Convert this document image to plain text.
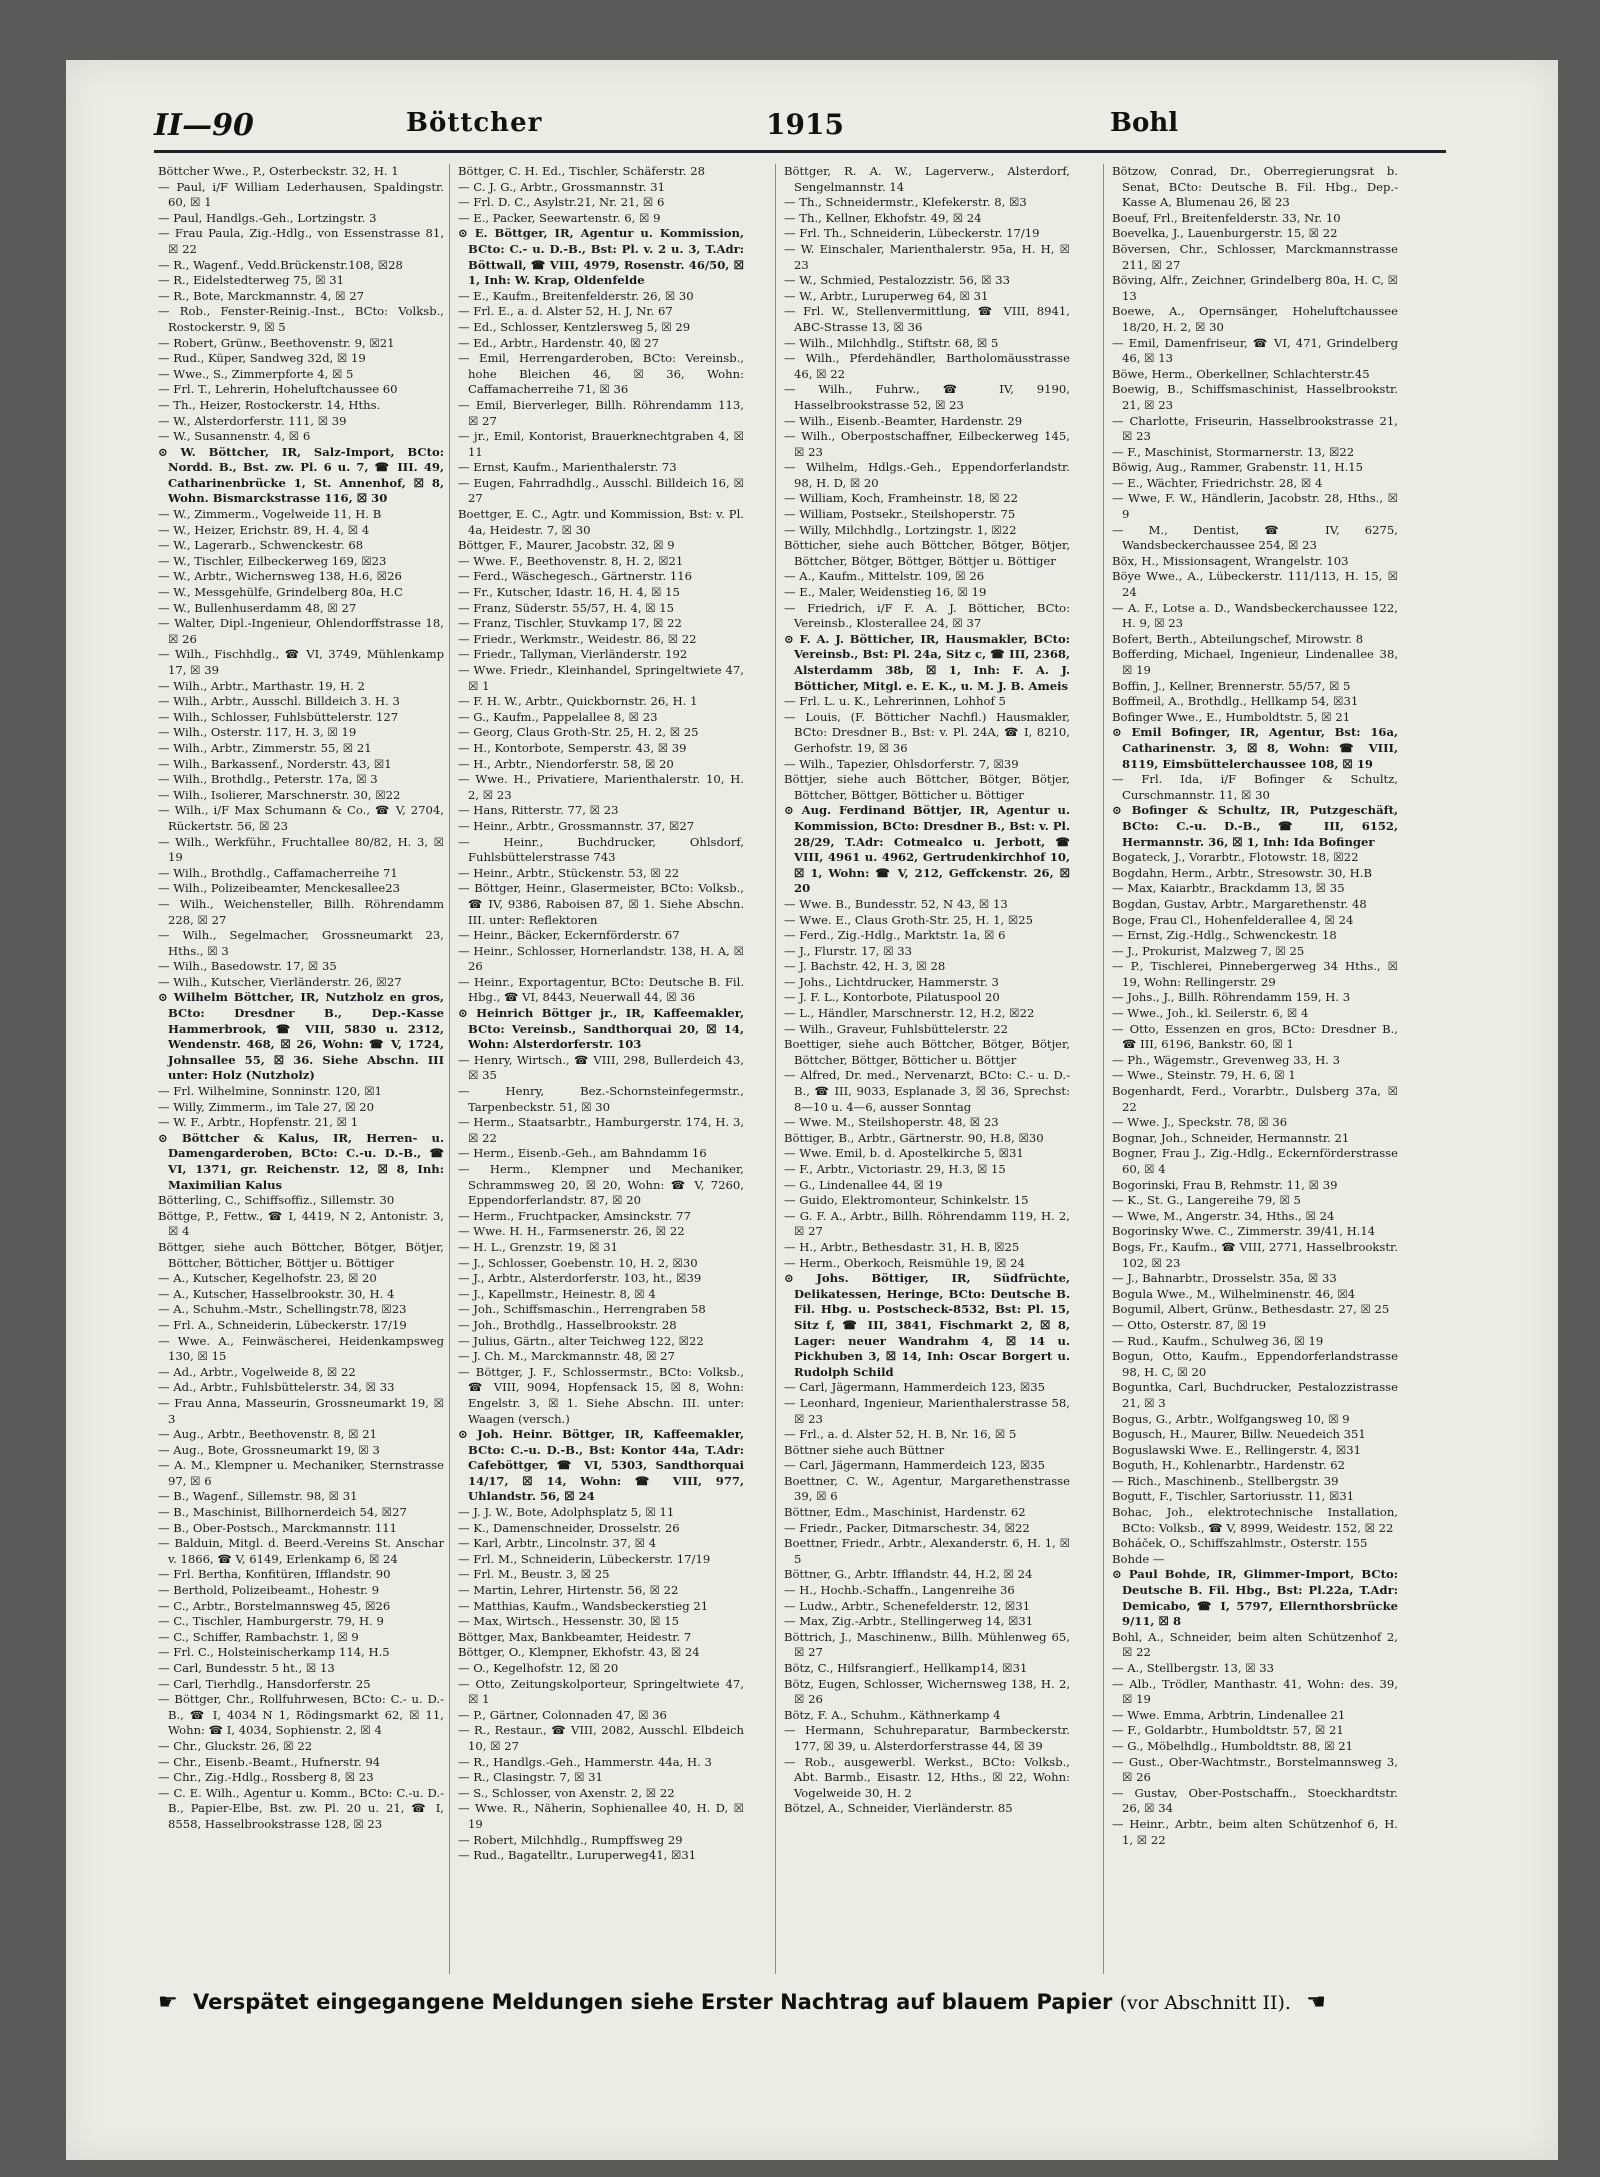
II—90	Böttcher	1915	Bohl

Böttcher Wwe., P., Osterbeckstr. 32, H. 1

— Paul, i/F William Lederhausen, Spaldingstr. 60, ☒ 1

— Paul, Handlgs.-Geh., Lortzingstr. 3

— Frau Paula, Zig.-Hdlg., von Essenstrasse 81, ☒ 22

— R., Wagenf., Vedd.Brückenstr.108, ☒28

— R., Eidelstedterweg 75, ☒ 31

— R., Bote, Marckmannstr. 4, ☒ 27

— Rob., Fenster-Reinig.-Inst., BCto: Volksb., Rostockerstr. 9, ☒ 5

— Robert, Grünw., Beethovenstr. 9, ☒21

— Rud., Küper, Sandweg 32d, ☒ 19

— Wwe., S., Zimmerpforte 4, ☒ 5

— Frl. T., Lehrerin, Hoheluftchaussee 60

— Th., Heizer, Rostockerstr. 14, Hths.

— W., Alsterdorferstr. 111, ☒ 39

— W., Susannenstr. 4, ☒ 6

⊙ W. Böttcher, IR, Salz-Import, BCto: Nordd. B., Bst. zw. Pl. 6 u. 7, ☎ III. 49, Catharinenbrücke 1, St. Annenhof, ☒ 8, Wohn. Bismarckstrasse 116, ☒ 30

— W., Zimmerm., Vogelweide 11, H. B

— W., Heizer, Erichstr. 89, H. 4, ☒ 4

— W., Lagerarb., Schwenckestr. 68

— W., Tischler, Eilbeckerweg 169, ☒23

— W., Arbtr., Wichernsweg 138, H.6, ☒26

— W., Messgehülfe, Grindelberg 80a, H.C

— W., Bullenhuserdamm 48, ☒ 27

— Walter, Dipl.-Ingenieur, Ohlendorffstrasse 18, ☒ 26

— Wilh., Fischhdlg., ☎ VI, 3749, Mühlenkamp 17, ☒ 39

— Wilh., Arbtr., Marthastr. 19, H. 2

— Wilh., Arbtr., Ausschl. Billdeich 3. H. 3

— Wilh., Schlosser, Fuhlsbüttelerstr. 127

— Wilh., Osterstr. 117, H. 3, ☒ 19

— Wilh., Arbtr., Zimmerstr. 55, ☒ 21

— Wilh., Barkassenf., Norderstr. 43, ☒1

— Wilh., Brothdlg., Peterstr. 17a, ☒ 3

— Wilh., Isolierer, Marschnerstr. 30, ☒22

— Wilh., i/F Max Schumann & Co., ☎ V, 2704, Rückertstr. 56, ☒ 23

— Wilh., Werkführ., Fruchtallee 80/82, H. 3, ☒ 19

— Wilh., Brothdlg., Caffamacherreihe 71

— Wilh., Polizeibeamter, Menckesallee23

— Wilh., Weichensteller, Billh. Röhrendamm 228, ☒ 27

— Wilh., Segelmacher, Grossneumarkt 23, Hths., ☒ 3

— Wilh., Basedowstr. 17, ☒ 35

— Wilh., Kutscher, Vierländerstr. 26, ☒27

⊙ Wilhelm Böttcher, IR, Nutzholz en gros, BCto: Dresdner B., Dep.-Kasse Hammerbrook, ☎ VIII, 5830 u. 2312, Wendenstr. 468, ☒ 26, Wohn: ☎ V, 1724, Johnsallee 55, ☒ 36. Siehe Abschn. III unter: Holz (Nutzholz)

— Frl. Wilhelmine, Sonninstr. 120, ☒1

— Willy, Zimmerm., im Tale 27, ☒ 20

— W. F., Arbtr., Hopfenstr. 21, ☒ 1

⊙ Böttcher & Kalus, IR, Herren- u. Damengarderoben, BCto: C.-u. D.-B., ☎ VI, 1371, gr. Reichenstr. 12, ☒ 8, Inh: Maximilian Kalus

Bötterling, C., Schiffsoffiz., Sillemstr. 30

Böttge, P., Fettw., ☎ I, 4419, N 2, Antonistr. 3, ☒ 4

Böttger, siehe auch Böttcher, Bötger, Bötjer, Böttcher, Bötticher, Böttjer u. Böttiger

— A., Kutscher, Kegelhofstr. 23, ☒ 20

— A., Kutscher, Hasselbrookstr. 30, H. 4

— A., Schuhm.-Mstr., Schellingstr.78, ☒23

— Frl. A., Schneiderin, Lübeckerstr. 17/19

— Wwe. A., Feinwäscherei, Heidenkampsweg 130, ☒ 15

— Ad., Arbtr., Vogelweide 8, ☒ 22

— Ad., Arbtr., Fuhlsbüttelerstr. 34, ☒ 33

— Frau Anna, Masseurin, Grossneumarkt 19, ☒ 3

— Aug., Arbtr., Beethovenstr. 8, ☒ 21

— Aug., Bote, Grossneumarkt 19, ☒ 3

— A. M., Klempner u. Mechaniker, Sternstrasse 97, ☒ 6

— B., Wagenf., Sillemstr. 98, ☒ 31

— B., Maschinist, Billhornerdeich 54, ☒27

— B., Ober-Postsch., Marckmannstr. 111

— Balduin, Mitgl. d. Beerd.-Vereins St. Anschar v. 1866, ☎ V, 6149, Erlenkamp 6, ☒ 24

— Frl. Bertha, Konfitüren, Ifflandstr. 90

— Berthold, Polizeibeamt., Hohestr. 9

— C., Arbtr., Borstelmannsweg 45, ☒26

— C., Tischler, Hamburgerstr. 79, H. 9

— C., Schiffer, Rambachstr. 1, ☒ 9

— Frl. C., Holsteinischerkamp 114, H.5

— Carl, Bundesstr. 5 ht., ☒ 13

— Carl, Tierhdlg., Hansdorferstr. 25

— Böttger, Chr., Rollfuhrwesen, BCto: C.- u. D.-B., ☎ I, 4034 N 1, Rödingsmarkt 62, ☒ 11, Wohn: ☎ I, 4034, Sophienstr. 2, ☒ 4

— Chr., Gluckstr. 26, ☒ 22

— Chr., Eisenb.-Beamt., Hufnerstr. 94

— Chr., Zig.-Hdlg., Rossberg 8, ☒ 23

— C. E. Wilh., Agentur u. Komm., BCto: C.-u. D.-B., Papier-Elbe, Bst. zw. Pl. 20 u. 21, ☎ I, 8558, Hasselbrookstrasse 128, ☒ 23

Böttger, C. H. Ed., Tischler, Schäferstr. 28

— C. J. G., Arbtr., Grossmannstr. 31

— Frl. D. C., Asylstr.21, Nr. 21, ☒ 6

— E., Packer, Seewartenstr. 6, ☒ 9

⊙ E. Böttger, IR, Agentur u. Kommission, BCto: C.- u. D.-B., Bst: Pl. v. 2 u. 3, T.Adr: Böttwall, ☎ VIII, 4979, Rosenstr. 46/50, ☒ 1, Inh: W. Krap, Oldenfelde

— E., Kaufm., Breitenfelderstr. 26, ☒ 30

— Frl. E., a. d. Alster 52, H. J, Nr. 67

— Ed., Schlosser, Kentzlersweg 5, ☒ 29

— Ed., Arbtr., Hardenstr. 40, ☒ 27

— Emil, Herrengarderoben, BCto: Vereinsb., hohe Bleichen 46, ☒ 36, Wohn: Caffamacherreihe 71, ☒ 36

— Emil, Bierverleger, Billh. Röhrendamm 113, ☒ 27

— jr., Emil, Kontorist, Brauerknechtgraben 4, ☒ 11

— Ernst, Kaufm., Marienthalerstr. 73

— Eugen, Fahrradhdlg., Ausschl. Billdeich 16, ☒ 27

Boettger, E. C., Agtr. und Kommission, Bst: v. Pl. 4a, Heidestr. 7, ☒ 30

Böttger, F., Maurer, Jacobstr. 32, ☒ 9

— Wwe. F., Beethovenstr. 8, H. 2, ☒21

— Ferd., Wäschegesch., Gärtnerstr. 116

— Fr., Kutscher, Idastr. 16, H. 4, ☒ 15

— Franz, Süderstr. 55/57, H. 4, ☒ 15

— Franz, Tischler, Stuvkamp 17, ☒ 22

— Friedr., Werkmstr., Weidestr. 86, ☒ 22

— Friedr., Tallyman, Vierländerstr. 192

— Wwe. Friedr., Kleinhandel, Springeltwiete 47, ☒ 1

— F. H. W., Arbtr., Quickbornstr. 26, H. 1

— G., Kaufm., Pappelallee 8, ☒ 23

— Georg, Claus Groth-Str. 25, H. 2, ☒ 25

— H., Kontorbote, Semperstr. 43, ☒ 39

— H., Arbtr., Niendorferstr. 58, ☒ 20

— Wwe. H., Privatiere, Marienthalerstr. 10, H. 2, ☒ 23

— Hans, Ritterstr. 77, ☒ 23

— Heinr., Arbtr., Grossmannstr. 37, ☒27

— Heinr., Buchdrucker, Ohlsdorf, Fuhlsbüttelerstrasse 743

— Heinr., Arbtr., Stückenstr. 53, ☒ 22

— Böttger, Heinr., Glasermeister, BCto: Volksb., ☎ IV, 9386, Raboisen 87, ☒ 1. Siehe Abschn. III. unter: Reflektoren

— Heinr., Bäcker, Eckernförderstr. 67

— Heinr., Schlosser, Hornerlandstr. 138, H. A, ☒ 26

— Heinr., Exportagentur, BCto: Deutsche B. Fil. Hbg., ☎ VI, 8443, Neuerwall 44, ☒ 36

⊙ Heinrich Böttger jr., IR, Kaffeemakler, BCto: Vereinsb., Sandthorquai 20, ☒ 14, Wohn: Alsterdorferstr. 103

— Henry, Wirtsch., ☎ VIII, 298, Bullerdeich 43, ☒ 35

— Henry, Bez.-Schornsteinfegermstr., Tarpenbeckstr. 51, ☒ 30

— Herm., Staatsarbtr., Hamburgerstr. 174, H. 3, ☒ 22

— Herm., Eisenb.-Geh., am Bahndamm 16

— Herm., Klempner und Mechaniker, Schrammsweg 20, ☒ 20, Wohn: ☎ V, 7260, Eppendorferlandstr. 87, ☒ 20

— Herm., Fruchtpacker, Amsinckstr. 77

— Wwe. H. H., Farmsenerstr. 26, ☒ 22

— H. L., Grenzstr. 19, ☒ 31

— J., Schlosser, Goebenstr. 10, H. 2, ☒30

— J., Arbtr., Alsterdorferstr. 103, ht., ☒39

— J., Kapellmstr., Heinestr. 8, ☒ 4

— Joh., Schiffsmaschin., Herrengraben 58

— Joh., Brothdlg., Hasselbrookstr. 28

— Julius, Gärtn., alter Teichweg 122, ☒22

— J. Ch. M., Marckmannstr. 48, ☒ 27

— Böttger, J. F., Schlossermstr., BCto: Volksb., ☎ VIII, 9094, Hopfensack 15, ☒ 8, Wohn: Engelstr. 3, ☒ 1. Siehe Abschn. III. unter: Waagen (versch.)

⊙ Joh. Heinr. Böttger, IR, Kaffeemakler, BCto: C.-u. D.-B., Bst: Kontor 44a, T.Adr: Cafeböttger, ☎ VI, 5303, Sandthorquai 14/17, ☒ 14, Wohn: ☎ VIII, 977, Uhlandstr. 56, ☒ 24

— J. J. W., Bote, Adolphsplatz 5, ☒ 11

— K., Damenschneider, Drosselstr. 26

— Karl, Arbtr., Lincolnstr. 37, ☒ 4

— Frl. M., Schneiderin, Lübeckerstr. 17/19

— Frl. M., Beustr. 3, ☒ 25

— Martin, Lehrer, Hirtenstr. 56, ☒ 22

— Matthias, Kaufm., Wandsbeckerstieg 21

— Max, Wirtsch., Hessenstr. 30, ☒ 15

Böttger, Max, Bankbeamter, Heidestr. 7

Böttger, O., Klempner, Ekhofstr. 43, ☒ 24

— O., Kegelhofstr. 12, ☒ 20

— Otto, Zeitungskolporteur, Springeltwiete 47, ☒ 1

— P., Gärtner, Colonnaden 47, ☒ 36

— R., Restaur., ☎ VIII, 2082, Ausschl. Elbdeich 10, ☒ 27

— R., Handlgs.-Geh., Hammerstr. 44a, H. 3

— R., Clasingstr. 7, ☒ 31

— S., Schlosser, von Axenstr. 2, ☒ 22

— Wwe. R., Näherin, Sophienallee 40, H. D, ☒ 19

— Robert, Milchhdlg., Rumpffsweg 29

— Rud., Bagatelltr., Luruperweg41, ☒31

Böttger, R. A. W., Lagerverw., Alsterdorf, Sengelmannstr. 14

— Th., Schneidermstr., Klefekerstr. 8, ☒3

— Th., Kellner, Ekhofstr. 49, ☒ 24

— Frl. Th., Schneiderin, Lübeckerstr. 17/19

— W. Einschaler, Marienthalerstr. 95a, H. H, ☒ 23

— W., Schmied, Pestalozzistr. 56, ☒ 33

— W., Arbtr., Luruperweg 64, ☒ 31

— Frl. W., Stellenvermittlung, ☎ VIII, 8941, ABC-Strasse 13, ☒ 36

— Wilh., Milchhdlg., Stiftstr. 68, ☒ 5

— Wilh., Pferdehändler, Bartholomäusstrasse 46, ☒ 22

— Wilh., Fuhrw., ☎ IV, 9190, Hasselbrookstrasse 52, ☒ 23

— Wilh., Eisenb.-Beamter, Hardenstr. 29

— Wilh., Oberpostschaffner, Eilbeckerweg 145, ☒ 23

— Wilhelm, Hdlgs.-Geh., Eppendorferlandstr. 98, H. D, ☒ 20

— William, Koch, Framheinstr. 18, ☒ 22

— William, Postsekr., Steilshoperstr. 75

— Willy, Milchhdlg., Lortzingstr. 1, ☒22

Bötticher, siehe auch Böttcher, Bötger, Bötjer, Böttcher, Bötger, Böttger, Böttjer u. Böttiger

— A., Kaufm., Mittelstr. 109, ☒ 26

— E., Maler, Weidenstieg 16, ☒ 19

— Friedrich, i/F F. A. J. Bötticher, BCto: Vereinsb., Klosterallee 24, ☒ 37

⊙ F. A. J. Bötticher, IR, Hausmakler, BCto: Vereinsb., Bst: Pl. 24a, Sitz c, ☎ III, 2368, Alsterdamm 38b, ☒ 1, Inh: F. A. J. Bötticher, Mitgl. e. E. K., u. M. J. B. Ameis

— Frl. L. u. K., Lehrerinnen, Lohhof 5

— Louis, (F. Bötticher Nachfl.) Hausmakler, BCto: Dresdner B., Bst: v. Pl. 24A, ☎ I, 8210, Gerhofstr. 19, ☒ 36

— Wilh., Tapezier, Ohlsdorferstr. 7, ☒39

Böttjer, siehe auch Böttcher, Bötger, Bötjer, Böttcher, Böttger, Bötticher u. Böttiger

⊙ Aug. Ferdinand Böttjer, IR, Agentur u. Kommission, BCto: Dresdner B., Bst: v. Pl. 28/29, T.Adr: Cotmealco u. Jerbott, ☎ VIII, 4961 u. 4962, Gertrudenkirchhof 10, ☒ 1, Wohn: ☎ V, 212, Geffckenstr. 26, ☒ 20

— Wwe. B., Bundesstr. 52, N 43, ☒ 13

— Wwe. E., Claus Groth-Str. 25, H. 1, ☒25

— Ferd., Zig.-Hdlg., Marktstr. 1a, ☒ 6

— J., Flurstr. 17, ☒ 33

— J. Bachstr. 42, H. 3, ☒ 28

— Johs., Lichtdrucker, Hammerstr. 3

— J. F. L., Kontorbote, Pilatuspool 20

— L., Händler, Marschnerstr. 12, H.2, ☒22

— Wilh., Graveur, Fuhlsbüttelerstr. 22

Boettiger, siehe auch Böttcher, Bötger, Bötjer, Böttcher, Böttger, Bötticher u. Böttjer

— Alfred, Dr. med., Nervenarzt, BCto: C.- u. D.-B., ☎ III, 9033, Esplanade 3, ☒ 36, Sprechst: 8—10 u. 4—6, ausser Sonntag

— Wwe. M., Steilshoperstr. 48, ☒ 23

Böttiger, B., Arbtr., Gärtnerstr. 90, H.8, ☒30

— Wwe. Emil, b. d. Apostelkirche 5, ☒31

— F., Arbtr., Victoriastr. 29, H.3, ☒ 15

— G., Lindenallee 44, ☒ 19

— Guido, Elektromonteur, Schinkelstr. 15

— G. F. A., Arbtr., Billh. Röhrendamm 119, H. 2, ☒ 27

— H., Arbtr., Bethesdastr. 31, H. B, ☒25

— Herm., Oberkoch, Reismühle 19, ☒ 24

⊙ Johs. Böttiger, IR, Südfrüchte, Delikatessen, Heringe, BCto: Deutsche B. Fil. Hbg. u. Postscheck-8532, Bst: Pl. 15, Sitz f, ☎ III, 3841, Fischmarkt 2, ☒ 8, Lager: neuer Wandrahm 4, ☒ 14 u. Pickhuben 3, ☒ 14, Inh: Oscar Borgert u. Rudolph Schild

— Carl, Jägermann, Hammerdeich 123, ☒35

— Leonhard, Ingenieur, Marienthalerstrasse 58, ☒ 23

— Frl., a. d. Alster 52, H. B, Nr. 16, ☒ 5

Böttner siehe auch Büttner

— Carl, Jägermann, Hammerdeich 123, ☒35

Boettner, C. W., Agentur, Margarethenstrasse 39, ☒ 6

Böttner, Edm., Maschinist, Hardenstr. 62

— Friedr., Packer, Ditmarschestr. 34, ☒22

Boettner, Friedr., Arbtr., Alexanderstr. 6, H. 1, ☒ 5

Böttner, G., Arbtr. Ifflandstr. 44, H.2, ☒ 24

— H., Hochb.-Schaffn., Langenreihe 36

— Ludw., Arbtr., Schenefelderstr. 12, ☒31

— Max, Zig.-Arbtr., Stellingerweg 14, ☒31

Böttrich, J., Maschinenw., Billh. Mühlenweg 65, ☒ 27

Bötz, C., Hilfsrangierf., Hellkamp14, ☒31

Bötz, Eugen, Schlosser, Wichernsweg 138, H. 2, ☒ 26

Bötz, F. A., Schuhm., Käthnerkamp 4

— Hermann, Schuhreparatur, Barmbeckerstr. 177, ☒ 39, u. Alsterdorferstrasse 44, ☒ 39

— Rob., ausgewerbl. Werkst., BCto: Volksb., Abt. Barmb., Eisastr. 12, Hths., ☒ 22, Wohn: Vogelweide 30, H. 2

Bötzel, A., Schneider, Vierländerstr. 85

Bötzow, Conrad, Dr., Oberregierungsrat b. Senat, BCto: Deutsche B. Fil. Hbg., Dep.-Kasse A, Blumenau 26, ☒ 23

Boeuf, Frl., Breitenfelderstr. 33, Nr. 10

Boevelka, J., Lauenburgerstr. 15, ☒ 22

Böversen, Chr., Schlosser, Marckmannstrasse 211, ☒ 27

Böving, Alfr., Zeichner, Grindelberg 80a, H. C, ☒ 13

Boewe, A., Opernsänger, Hoheluftchaussee 18/20, H. 2, ☒ 30

— Emil, Damenfriseur, ☎ VI, 471, Grindelberg 46, ☒ 13

Böwe, Herm., Oberkellner, Schlachterstr.45

Boewig, B., Schiffsmaschinist, Hasselbrookstr. 21, ☒ 23

— Charlotte, Friseurin, Hasselbrookstrasse 21, ☒ 23

— F., Maschinist, Stormarnerstr. 13, ☒22

Böwig, Aug., Rammer, Grabenstr. 11, H.15

— E., Wächter, Friedrichstr. 28, ☒ 4

— Wwe, F. W., Händlerin, Jacobstr. 28, Hths., ☒ 9

— M., Dentist, ☎ IV, 6275, Wandsbeckerchaussee 254, ☒ 23

Böx, H., Missionsagent, Wrangelstr. 103

Böye Wwe., A., Lübeckerstr. 111/113, H. 15, ☒ 24

— A. F., Lotse a. D., Wandsbeckerchaussee 122, H. 9, ☒ 23

Bofert, Berth., Abteilungschef, Mirowstr. 8

Bofferding, Michael, Ingenieur, Lindenallee 38, ☒ 19

Boffin, J., Kellner, Brennerstr. 55/57, ☒ 5

Boffmeil, A., Brothdlg., Hellkamp 54, ☒31

Bofinger Wwe., E., Humboldtstr. 5, ☒ 21

⊙ Emil Bofinger, IR, Agentur, Bst: 16a, Catharinenstr. 3, ☒ 8, Wohn: ☎ VIII, 8119, Eimsbüttelerchaussee 108, ☒ 19

— Frl. Ida, i/F Bofinger & Schultz, Curschmannstr. 11, ☒ 30

⊙ Bofinger & Schultz, IR, Putzgeschäft, BCto: C.-u. D.-B., ☎ III, 6152, Hermannstr. 36, ☒ 1, Inh: Ida Bofinger

Bogateck, J., Vorarbtr., Flotowstr. 18, ☒22

Bogdahn, Herm., Arbtr., Stresowstr. 30, H.B

— Max, Kaiarbtr., Brackdamm 13, ☒ 35

Bogdan, Gustav, Arbtr., Margarethenstr. 48

Boge, Frau Cl., Hohenfelderallee 4, ☒ 24

— Ernst, Zig.-Hdlg., Schwenckestr. 18

— J., Prokurist, Malzweg 7, ☒ 25

— P., Tischlerei, Pinnebergerweg 34 Hths., ☒ 19, Wohn: Rellingerstr. 29

— Johs., J., Billh. Röhrendamm 159, H. 3

— Wwe., Joh., kl. Seilerstr. 6, ☒ 4

— Otto, Essenzen en gros, BCto: Dresdner B., ☎ III, 6196, Bankstr. 60, ☒ 1

— Ph., Wägemstr., Grevenweg 33, H. 3

— Wwe., Steinstr. 79, H. 6, ☒ 1

Bogenhardt, Ferd., Vorarbtr., Dulsberg 37a, ☒ 22

— Wwe. J., Speckstr. 78, ☒ 36

Bognar, Joh., Schneider, Hermannstr. 21

Bogner, Frau J., Zig.-Hdlg., Eckernförderstrasse 60, ☒ 4

Bogorinski, Frau B, Rehmstr. 11, ☒ 39

— K., St. G., Langereihe 79, ☒ 5

— Wwe, M., Angerstr. 34, Hths., ☒ 24

Bogorinsky Wwe. C., Zimmerstr. 39/41, H.14

Bogs, Fr., Kaufm., ☎ VIII, 2771, Hasselbrookstr. 102, ☒ 23

— J., Bahnarbtr., Drosselstr. 35a, ☒ 33

Bogula Wwe., M., Wilhelminenstr. 46, ☒4

Bogumil, Albert, Grünw., Bethesdastr. 27, ☒ 25

— Otto, Osterstr. 87, ☒ 19

— Rud., Kaufm., Schulweg 36, ☒ 19

Bogun, Otto, Kaufm., Eppendorferlandstrasse 98, H. C, ☒ 20

Boguntka, Carl, Buchdrucker, Pestalozzistrasse 21, ☒ 3

Bogus, G., Arbtr., Wolfgangsweg 10, ☒ 9

Bogusch, H., Maurer, Billw. Neuedeich 351

Boguslawski Wwe. E., Rellingerstr. 4, ☒31

Boguth, H., Kohlenarbtr., Hardenstr. 62

— Rich., Maschinenb., Stellbergstr. 39

Bogutt, F., Tischler, Sartoriusstr. 11, ☒31

Bohac, Joh., elektrotechnische Installation, BCto: Volksb., ☎ V, 8999, Weidestr. 152, ☒ 22

Boháček, O., Schiffszahlmstr., Osterstr. 155

Bohde —

⊙ Paul Bohde, IR, Glimmer-Import, BCto: Deutsche B. Fil. Hbg., Bst: Pl.22a, T.Adr: Demicabo, ☎ I, 5797, Ellernthorsbrücke 9/11, ☒ 8

Bohl, A., Schneider, beim alten Schützenhof 2, ☒ 22

— A., Stellbergstr. 13, ☒ 33

— Alb., Trödler, Manthastr. 41, Wohn: des. 39, ☒ 19

— Wwe. Emma, Arbtrin, Lindenallee 21

— F., Goldarbtr., Humboldtstr. 57, ☒ 21

— G., Möbelhdlg., Humboldtstr. 88, ☒ 21

— Gust., Ober-Wachtmstr., Borstelmannsweg 3, ☒ 26

— Gustav, Ober-Postschaffn., Stoeckhardtstr. 26, ☒ 34

— Heinr., Arbtr., beim alten Schützenhof 6, H. 1, ☒ 22

☛ Verspätet eingegangene Meldungen siehe Erster Nachtrag auf blauem Papier (vor Abschnitt II). ☚
